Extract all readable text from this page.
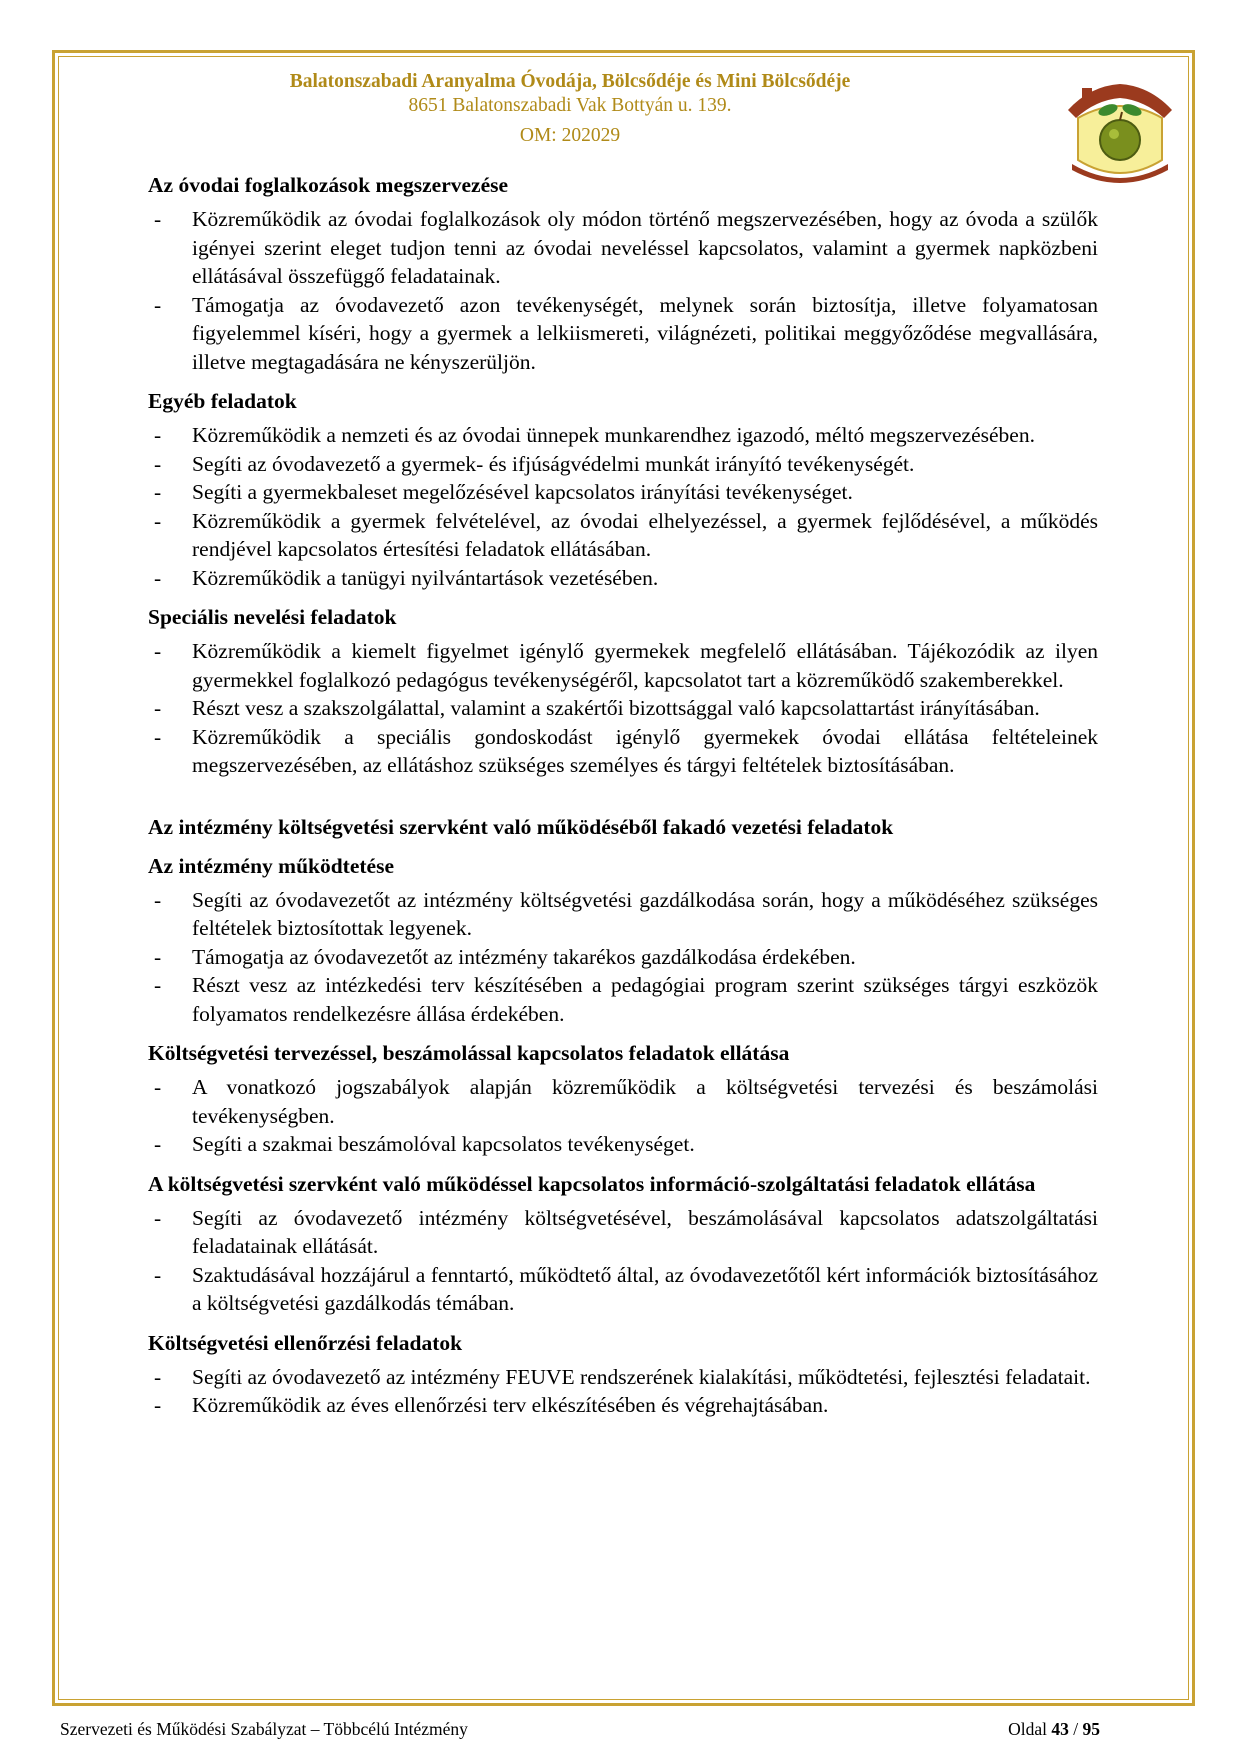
Balatonszabadi Aranyalma Óvodája, Bölcsődéje és Mini Bölcsődéje
8651 Balatonszabadi Vak Bottyán u. 139.
OM: 202029
Az óvodai foglalkozások megszervezése
- Közreműködik az óvodai foglalkozások oly módon történő megszervezésében, hogy az óvoda a szülők igényei szerint eleget tudjon tenni az óvodai neveléssel kapcsolatos, valamint a gyermek napközbeni ellátásával összefüggő feladatainak.
- Támogatja az óvodavezető azon tevékenységét, melynek során biztosítja, illetve folyamatosan figyelemmel kíséri, hogy a gyermek a lelkiismereti, világnézeti, politikai meggyőződése megvallására, illetve megtagadására ne kényszerüljön.
Egyéb feladatok
- Közreműködik a nemzeti és az óvodai ünnepek munkarendhez igazodó, méltó megszervezésében.
- Segíti az óvodavezető a gyermek- és ifjúságvédelmi munkát irányító tevékenységét.
- Segíti a gyermekbaleset megelőzésével kapcsolatos irányítási tevékenységet.
- Közreműködik a gyermek felvételével, az óvodai elhelyezéssel, a gyermek fejlődésével, a működés rendjével kapcsolatos értesítési feladatok ellátásában.
- Közreműködik a tanügyi nyilvántartások vezetésében.
Speciális nevelési feladatok
- Közreműködik a kiemelt figyelmet igénylő gyermekek megfelelő ellátásában. Tájékozódik az ilyen gyermekkel foglalkozó pedagógus tevékenységéről, kapcsolatot tart a közreműködő szakemberekkel.
- Részt vesz a szakszolgálattal, valamint a szakértői bizottsággal való kapcsolattartást irányításában.
- Közreműködik a speciális gondoskodást igénylő gyermekek óvodai ellátása feltételeinek megszervezésében, az ellátáshoz szükséges személyes és tárgyi feltételek biztosításában.
Az intézmény költségvetési szervként való működéséből fakadó vezetési feladatok
Az intézmény működtetése
- Segíti az óvodavezetőt az intézmény költségvetési gazdálkodása során, hogy a működéséhez szükséges feltételek biztosítottak legyenek.
- Támogatja az óvodavezetőt az intézmény takarékos gazdálkodása érdekében.
- Részt vesz az intézkedési terv készítésében a pedagógiai program szerint szükséges tárgyi eszközök folyamatos rendelkezésre állása érdekében.
Költségvetési tervezéssel, beszámolással kapcsolatos feladatok ellátása
- A vonatkozó jogszabályok alapján közreműködik a költségvetési tervezési és beszámolási tevékenységben.
- Segíti a szakmai beszámolóval kapcsolatos tevékenységet.
A költségvetési szervként való működéssel kapcsolatos információ-szolgáltatási feladatok ellátása
- Segíti az óvodavezető intézmény költségvetésével, beszámolásával kapcsolatos adatszolgáltatási feladatainak ellátását.
- Szaktudásával hozzájárul a fenntartó, működtető által, az óvodavezetőtől kért információk biztosításához a költségvetési gazdálkodás témában.
Költségvetési ellenőrzési feladatok
- Segíti az óvodavezető az intézmény FEUVE rendszerének kialakítási, működtetési, fejlesztési feladatait.
- Közreműködik az éves ellenőrzési terv elkészítésében és végrehajtásában.
Szervezeti és Működési Szabályzat – Többcélú Intézmény	Oldal 43 / 95
